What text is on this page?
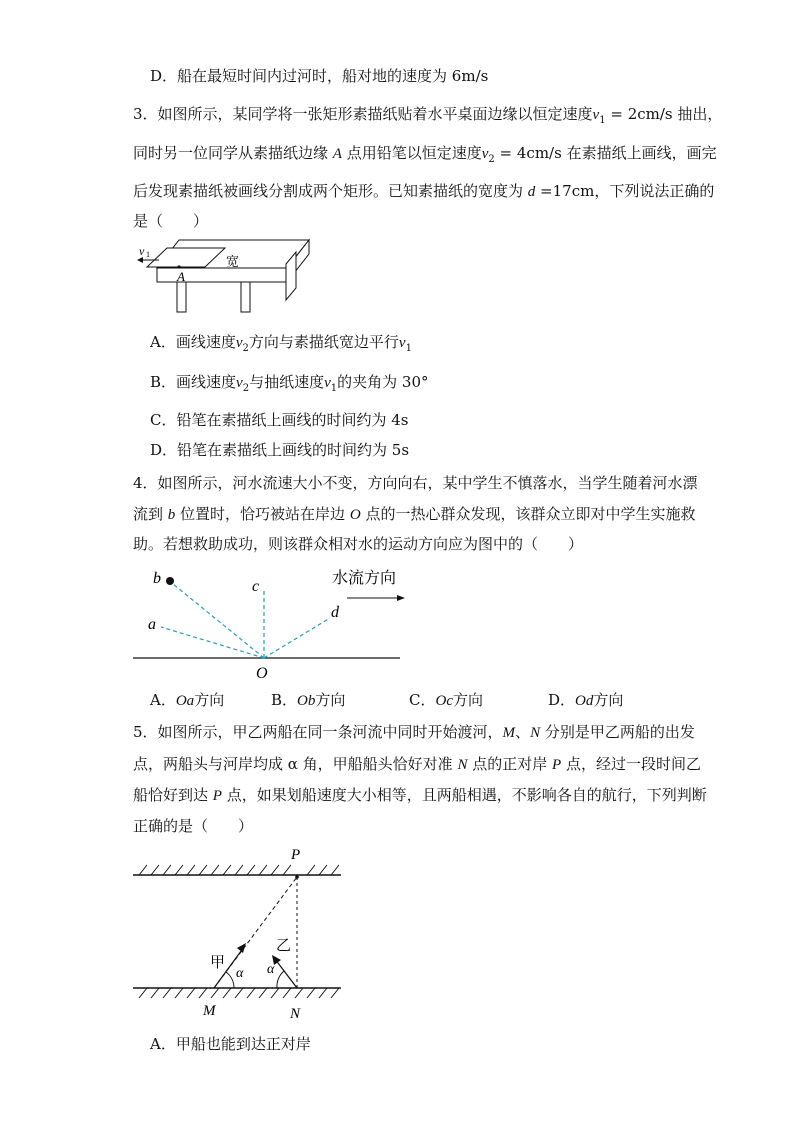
D．船在最短时间内过河时，船对地的速度为 6m/s
3．如图所示，某同学将一张矩形素描纸贴着水平桌面边缘以恒定速度$v_1 = 2cm/s$ 抽出，
同时另一位同学从素描纸边缘 A 点用铅笔以恒定速度$v_2 = 4cm/s$ 在素描纸上画线，画完
后发现素描纸被画线分割成两个矩形。已知素描纸的宽度为 d =17cm，下列说法正确的
是（　　）
v 1
A
宽
A．画线速度$v_2$方向与素描纸宽边平行$v_1$
B．画线速度$v_2$与抽纸速度$v_1$的夹角为 30°
C．铅笔在素描纸上画线的时间约为 4s
D．铅笔在素描纸上画线的时间约为 5s
4．如图所示，河水流速大小不变，方向向右，某中学生不慎落水，当学生随着河水漂
流到 b 位置时，恰巧被站在岸边 O 点的一热心群众发现，该群众立即对中学生实施救
助。若想救助成功，则该群众相对水的运动方向应为图中的（　　）
b
a
c
d
O
水流方向
A．Oa方向	B．Ob方向	C．Oc方向	D．Od方向
5．如图所示，甲乙两船在同一条河流中同时开始渡河，M、N 分别是甲乙两船的出发
点，两船头与河岸均成 α 角，甲船船头恰好对准 N 点的正对岸 P 点，经过一段时间乙
船恰好到达 P 点，如果划船速度大小相等，且两船相遇，不影响各自的航行，下列判断
正确的是（　　）
P
M	N
甲
乙
α α
A．甲船也能到达正对岸
